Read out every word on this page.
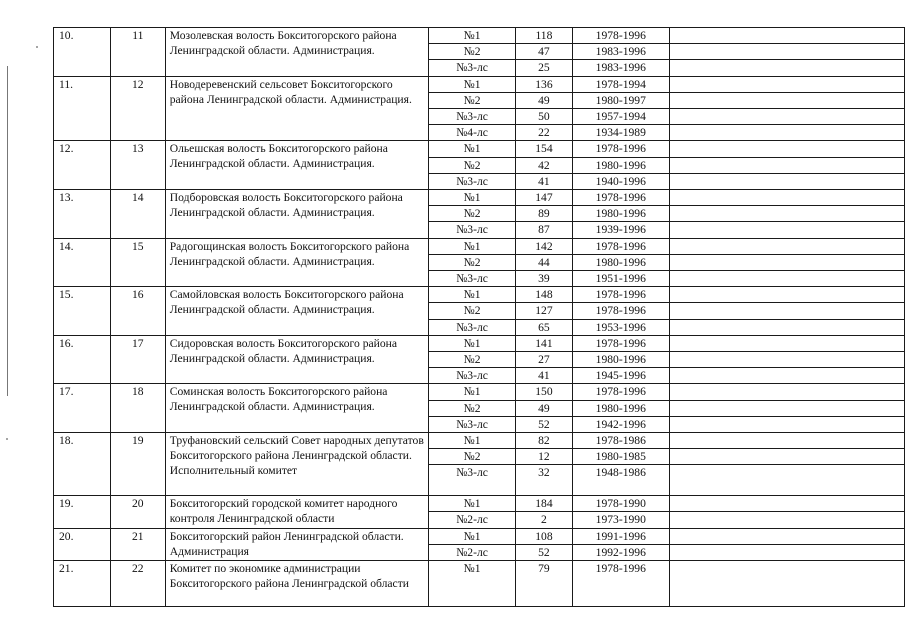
10.	11	Мозолевская волость Бокситогорского района Ленинградской области. Администрация.	№1	118	1978-1996	

			№2	47	1983-1996	

			№3-лс	25	1983-1996	

11.	12	Новодеревенский сельсовет Бокситогорского района Ленинградской области. Администрация.	№1	136	1978-1994	

			№2	49	1980-1997	

			№3-лс	50	1957-1994	

			№4-лс	22	1934-1989	

12.	13	Ольешская волость Бокситогорского района Ленинградской области. Администрация.	№1	154	1978-1996	

			№2	42	1980-1996	

			№3-лс	41	1940-1996	

13.	14	Подборовская волость Бокситогорского района Ленинградской области. Администрация.	№1	147	1978-1996	

			№2	89	1980-1996	

			№3-лс	87	1939-1996	

14.	15	Радогощинская волость Бокситогорского района Ленинградской области. Администрация.	№1	142	1978-1996	

			№2	44	1980-1996	

			№3-лс	39	1951-1996	

15.	16	Самойловская волость Бокситогорского района Ленинградской области. Администрация.	№1	148	1978-1996	

			№2	127	1978-1996	

			№3-лс	65	1953-1996	

16.	17	Сидоровская волость Бокситогорского района Ленинградской области. Администрация.	№1	141	1978-1996	

			№2	27	1980-1996	

			№3-лс	41	1945-1996	

17.	18	Соминская волость Бокситогорского района Ленинградской области. Администрация.	№1	150	1978-1996	

			№2	49	1980-1996	

			№3-лс	52	1942-1996	

18.	19	Труфановский сельский Совет народных депутатов Бокситогорского района Ленинградской области. Исполнительный комитет	№1	82	1978-1986	

			№2	12	1980-1985	

			№3-лс	32	1948-1986	

19.	20	Бокситогорский городской комитет народного контроля Ленинградской области	№1	184	1978-1990	

			№2-лс	2	1973-1990	

20.	21	Бокситогорский район Ленинградской области. Администрация	№1	108	1991-1996	

			№2-лс	52	1992-1996	

21.	22	Комитет по экономике администрации Бокситогорского района Ленинградской области	№1	79	1978-1996	
